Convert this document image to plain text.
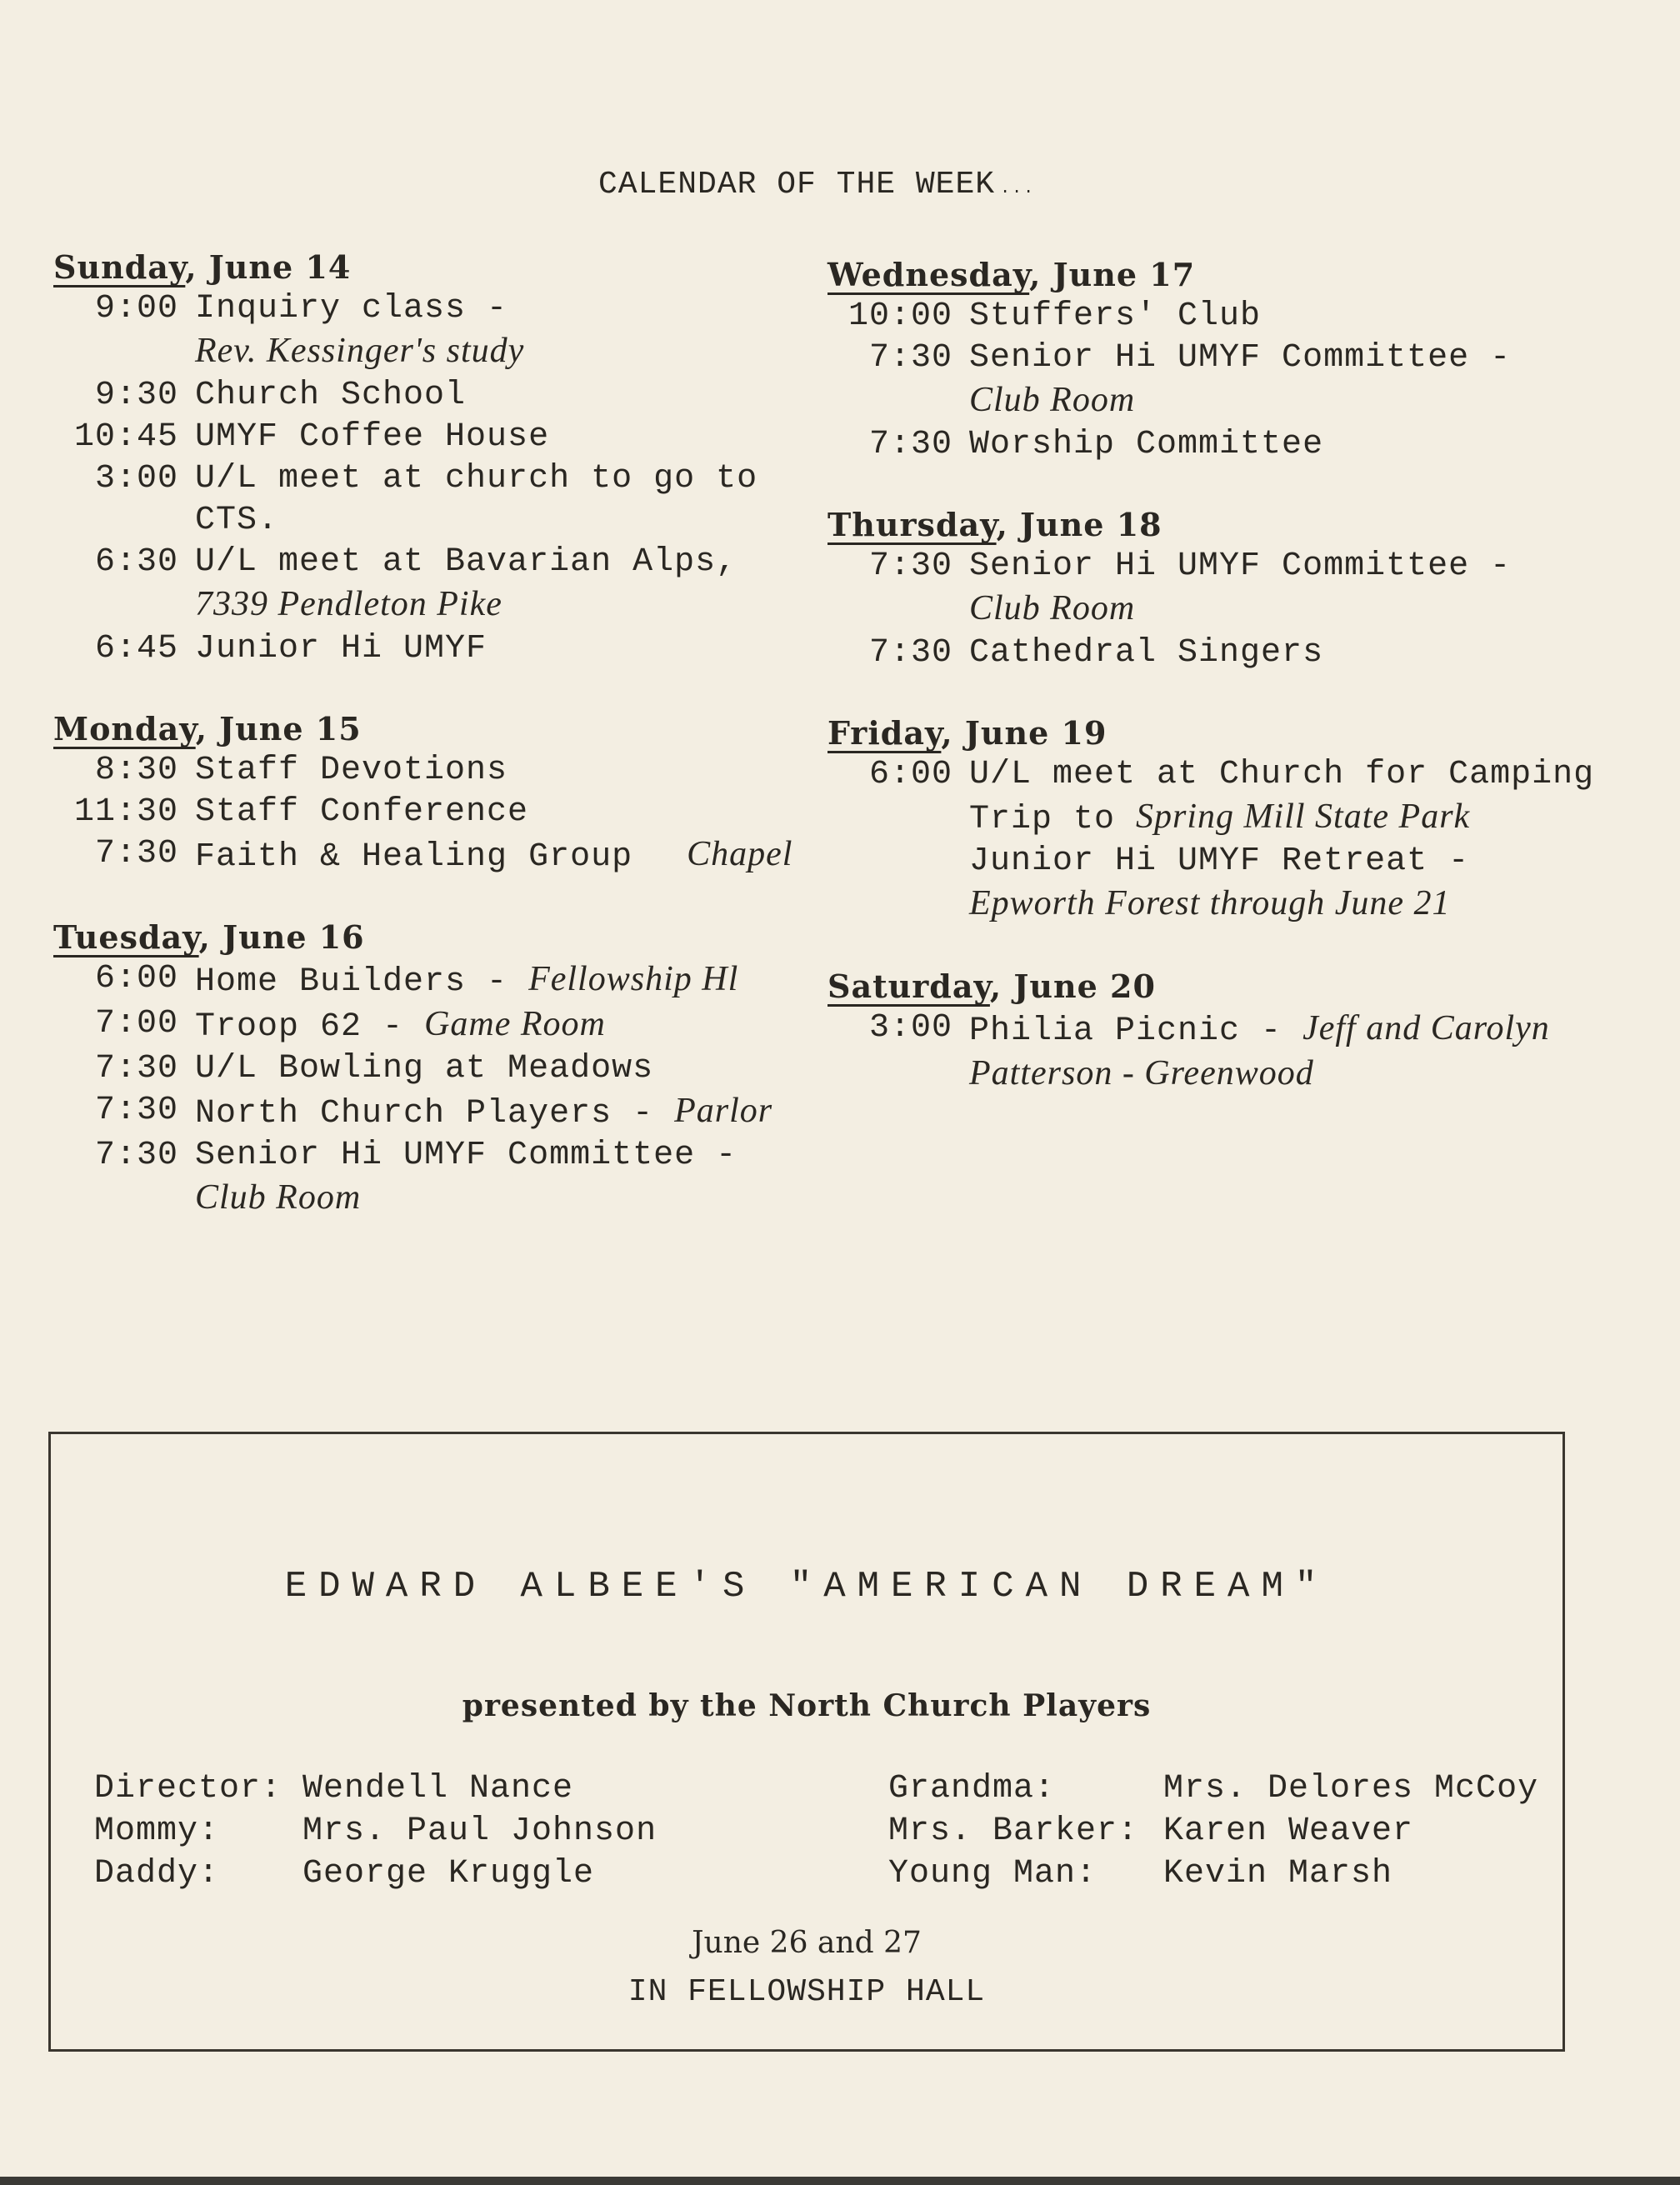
CALENDAR OF THE WEEK ...
Sunday, June 14
9:00 Inquiry class -
Rev. Kessinger's study
9:30 Church School
10:45 UMYF Coffee House
3:00 U/L meet at church to go to CTS.
6:30 U/L meet at Bavarian Alps,
7339 Pendleton Pike
6:45 Junior Hi UMYF
Monday, June 15
8:30 Staff Devotions
11:30 Staff Conference
7:30 Faith & Healing Group Chapel
Tuesday, June 16
6:00 Home Builders - Fellowship Hl
7:00 Troop 62 - Game Room
7:30 U/L Bowling at Meadows
7:30 North Church Players - Parlor
7:30 Senior Hi UMYF Committee -
Club Room
Wednesday, June 17
10:00 Stuffers' Club
7:30 Senior Hi UMYF Committee -
Club Room
7:30 Worship Committee
Thursday, June 18
7:30 Senior Hi UMYF Committee -
Club Room
7:30 Cathedral Singers
Friday, June 19
6:00 U/L meet at Church for Camping Trip to Spring Mill State Park
Junior Hi UMYF Retreat -
Epworth Forest through June 21
Saturday, June 20
3:00 Philia Picnic - Jeff and Carolyn Patterson - Greenwood
EDWARD ALBEE'S "AMERICAN DREAM"
presented by the North Church Players
Director: Wendell Nance
Mommy:	Mrs. Paul Johnson
Daddy:	George Kruggle
Grandma:	Mrs. Delores McCoy
Mrs. Barker: Karen Weaver
Young Man:	Kevin Marsh
June 26 and 27
IN FELLOWSHIP HALL
